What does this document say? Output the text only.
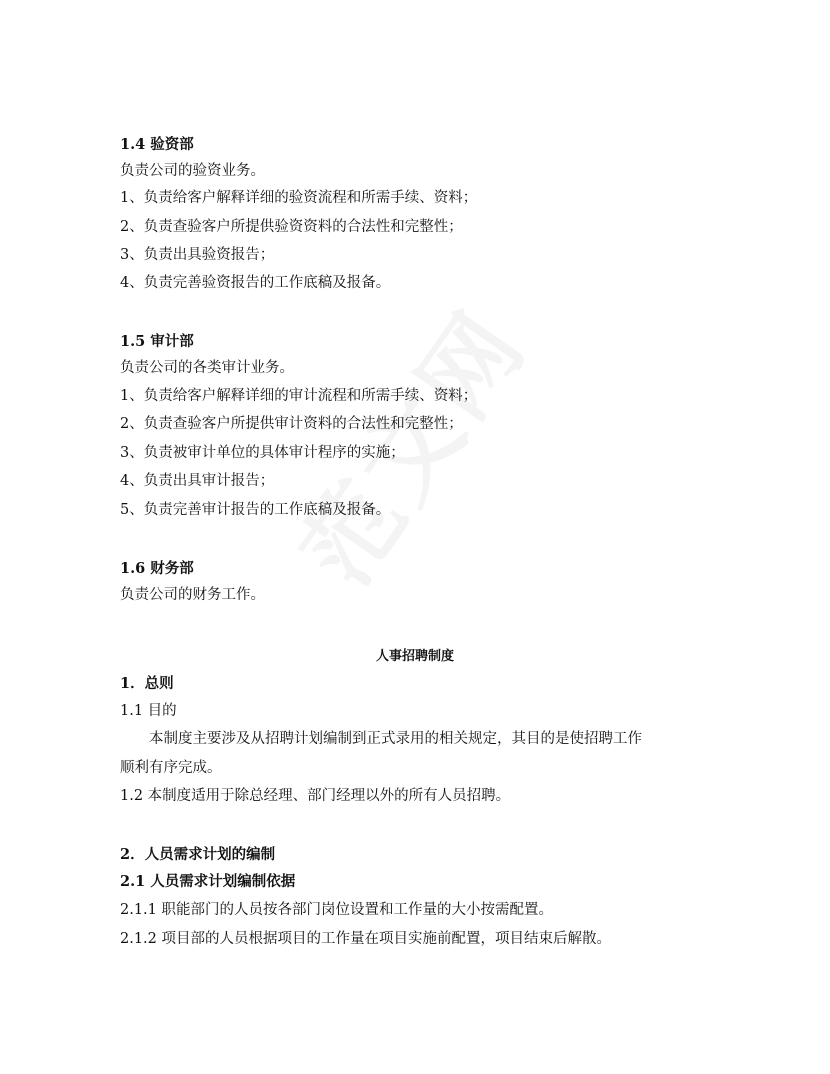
1.4 验资部
负责公司的验资业务。
1、负责给客户解释详细的验资流程和所需手续、资料；
2、负责查验客户所提供验资资料的合法性和完整性；
3、负责出具验资报告；
4、负责完善验资报告的工作底稿及报备。
1.5 审计部
负责公司的各类审计业务。
1、负责给客户解释详细的审计流程和所需手续、资料；
2、负责查验客户所提供审计资料的合法性和完整性；
3、负责被审计单位的具体审计程序的实施；
4、负责出具审计报告；
5、负责完善审计报告的工作底稿及报备。
1.6 财务部
负责公司的财务工作。
人事招聘制度
1．总则
1.1 目的
本制度主要涉及从招聘计划编制到正式录用的相关规定，其目的是使招聘工作
顺利有序完成。
1.2 本制度适用于除总经理、部门经理以外的所有人员招聘。
2．人员需求计划的编制
2.1 人员需求计划编制依据
2.1.1 职能部门的人员按各部门岗位设置和工作量的大小按需配置。
2.1.2 项目部的人员根据项目的工作量在项目实施前配置，项目结束后解散。
